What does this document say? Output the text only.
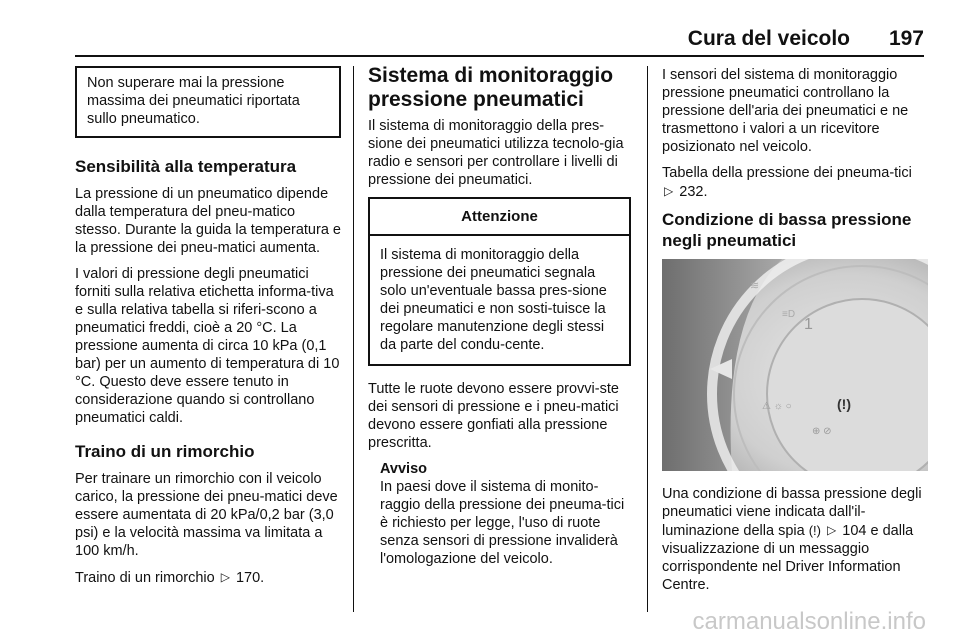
Cura del veicolo 197
Non superare mai la pressione massima dei pneumatici riportata sullo pneumatico.
Sensibilità alla temperatura

La pressione di un pneumatico dipende dalla temperatura del pneu-matico stesso. Durante la guida la temperatura e la pressione dei pneu-matici aumenta.

I valori di pressione degli pneumatici forniti sulla relativa etichetta informa-tiva e sulla relativa tabella si riferi-scono a pneumatici freddi, cioè a 20 °C. La pressione aumenta di circa 10 kPa (0,1 bar) per un aumento di temperatura di 10 °C. Questo deve essere tenuto in considerazione quando si controllano pneumatici caldi.

Traino di un rimorchio

Per trainare un rimorchio con il veicolo carico, la pressione dei pneu-matici deve essere aumentata di 20 kPa/0,2 bar (3,0 psi) e la velocità massima va limitata a 100 km/h.

Traino di un rimorchio ▷ 170.

Sistema di monitoraggio pressione pneumatici

Il sistema di monitoraggio della pres-sione dei pneumatici utilizza tecnolo-gia radio e sensori per controllare i livelli di pressione dei pneumatici.

Attenzione
Il sistema di monitoraggio della pressione dei pneumatici segnala solo un'eventuale bassa pres-sione dei pneumatici e non sosti-tuisce la regolare manutenzione degli stessi da parte del condu-cente.

Tutte le ruote devono essere provvi-ste dei sensori di pressione e i pneu-matici devono essere gonfiati alla pressione prescritta.

Avviso
In paesi dove il sistema di monito-raggio della pressione dei pneuma-tici è richiesto per legge, l'uso di ruote senza sensori di pressione invaliderà l'omologazione del veicolo.

I sensori del sistema di monitoraggio pressione pneumatici controllano la pressione dell'aria dei pneumatici e ne trasmettono i valori a un ricevitore posizionato nel veicolo.

Tabella della pressione dei pneuma-tici ▷ 232.

Condizione di bassa pressione negli pneumatici
1
≋
≡D
(!)
⚠ ☼ ○
⊕ ⊘

Una condizione di bassa pressione degli pneumatici viene indicata dall'il-luminazione della spia (!) ▷ 104 e dalla visualizzazione di un messaggio corrispondente nel Driver Information Centre.

carmanualsonline.info
